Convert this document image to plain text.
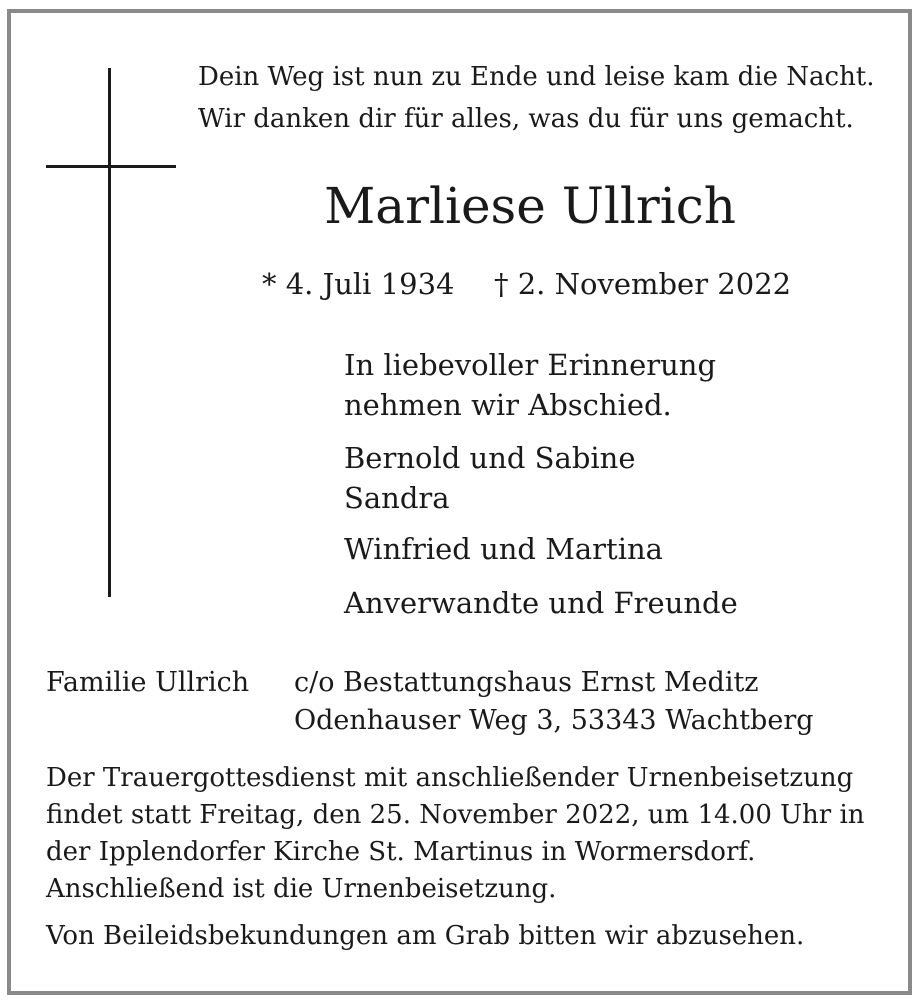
Dein Weg ist nun zu Ende und leise kam die Nacht.
Wir danken dir für alles, was du für uns gemacht.
Marliese Ullrich
* 4. Juli 1934 † 2. November 2022
In liebevoller Erinnerung
nehmen wir Abschied.
Bernold und Sabine
Sandra
Winfried und Martina
Anverwandte und Freunde
Familie Ullrich c/o Bestattungshaus Ernst Meditz
Odenhauser Weg 3, 53343 Wachtberg
Der Trauergottesdienst mit anschließender Urnenbeisetzung
findet statt Freitag, den 25. November 2022, um 14.00 Uhr in
der Ipplendorfer Kirche St. Martinus in Wormersdorf.
Anschließend ist die Urnenbeisetzung.
Von Beileidsbekundungen am Grab bitten wir abzusehen.
